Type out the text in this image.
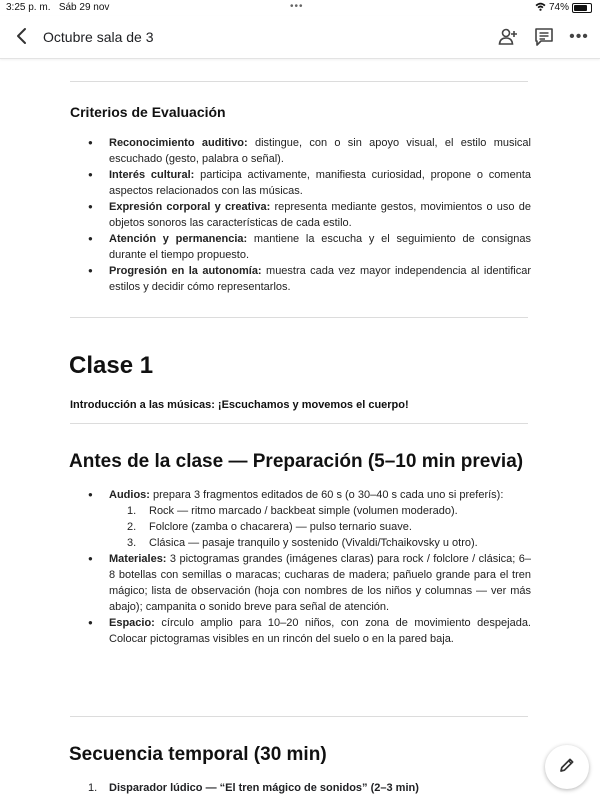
3:25 p. m. Sáb 29 nov	•••	74%
Octubre sala de 3	•••
Criterios de Evaluación
● Reconocimiento auditivo: distingue, con o sin apoyo visual, el estilo musical escuchado (gesto, palabra o señal).
● Interés cultural: participa activamente, manifiesta curiosidad, propone o comenta aspectos relacionados con las músicas.
● Expresión corporal y creativa: representa mediante gestos, movimientos o uso de objetos sonoros las características de cada estilo.
● Atención y permanencia: mantiene la escucha y el seguimiento de consignas durante el tiempo propuesto.
● Progresión en la autonomía: muestra cada vez mayor independencia al identificar estilos y decidir cómo representarlos.
Clase 1
Introducción a las músicas: ¡Escuchamos y movemos el cuerpo!
Antes de la clase — Preparación (5–10 min previa)
● Audios: prepara 3 fragmentos editados de 60 s (o 30–40 s cada uno si preferís):
1. Rock — ritmo marcado / backbeat simple (volumen moderado).
2. Folclore (zamba o chacarera) — pulso ternario suave.
3. Clásica — pasaje tranquilo y sostenido (Vivaldi/Tchaikovsky u otro).
● Materiales: 3 pictogramas grandes (imágenes claras) para rock / folclore / clásica; 6–8 botellas con semillas o maracas; cucharas de madera; pañuelo grande para el tren mágico; lista de observación (hoja con nombres de los niños y columnas — ver más abajo); campanita o sonido breve para señal de atención.
● Espacio: círculo amplio para 10–20 niños, con zona de movimiento despejada. Colocar pictogramas visibles en un rincón del suelo o en la pared baja.
Secuencia temporal (30 min)
1. Disparador lúdico — “El tren mágico de sonidos” (2–3 min)
